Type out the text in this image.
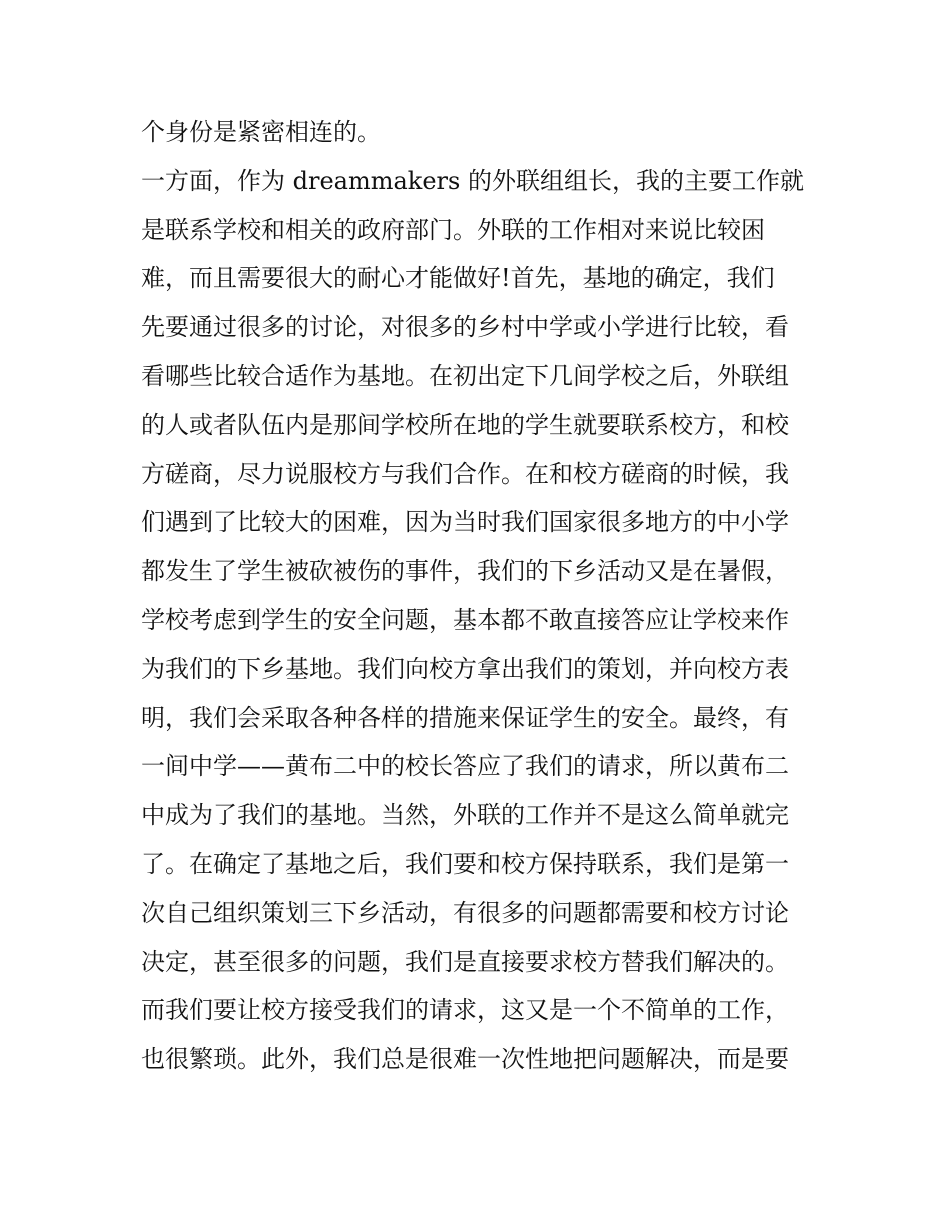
个身份是紧密相连的。
一方面，作为 dreammakers 的外联组组长，我的主要工作就
是联系学校和相关的政府部门。外联的工作相对来说比较困
难，而且需要很大的耐心才能做好!首先，基地的确定，我们
先要通过很多的讨论，对很多的乡村中学或小学进行比较，看
看哪些比较合适作为基地。在初出定下几间学校之后，外联组
的人或者队伍内是那间学校所在地的学生就要联系校方，和校
方磋商，尽力说服校方与我们合作。在和校方磋商的时候，我
们遇到了比较大的困难，因为当时我们国家很多地方的中小学
都发生了学生被砍被伤的事件，我们的下乡活动又是在暑假，
学校考虑到学生的安全问题，基本都不敢直接答应让学校来作
为我们的下乡基地。我们向校方拿出我们的策划，并向校方表
明，我们会采取各种各样的措施来保证学生的安全。最终，有
一间中学——黄布二中的校长答应了我们的请求，所以黄布二
中成为了我们的基地。当然，外联的工作并不是这么简单就完
了。在确定了基地之后，我们要和校方保持联系，我们是第一
次自己组织策划三下乡活动，有很多的问题都需要和校方讨论
决定，甚至很多的问题，我们是直接要求校方替我们解决的。
而我们要让校方接受我们的请求，这又是一个不简单的工作，
也很繁琐。此外，我们总是很难一次性地把问题解决，而是要
